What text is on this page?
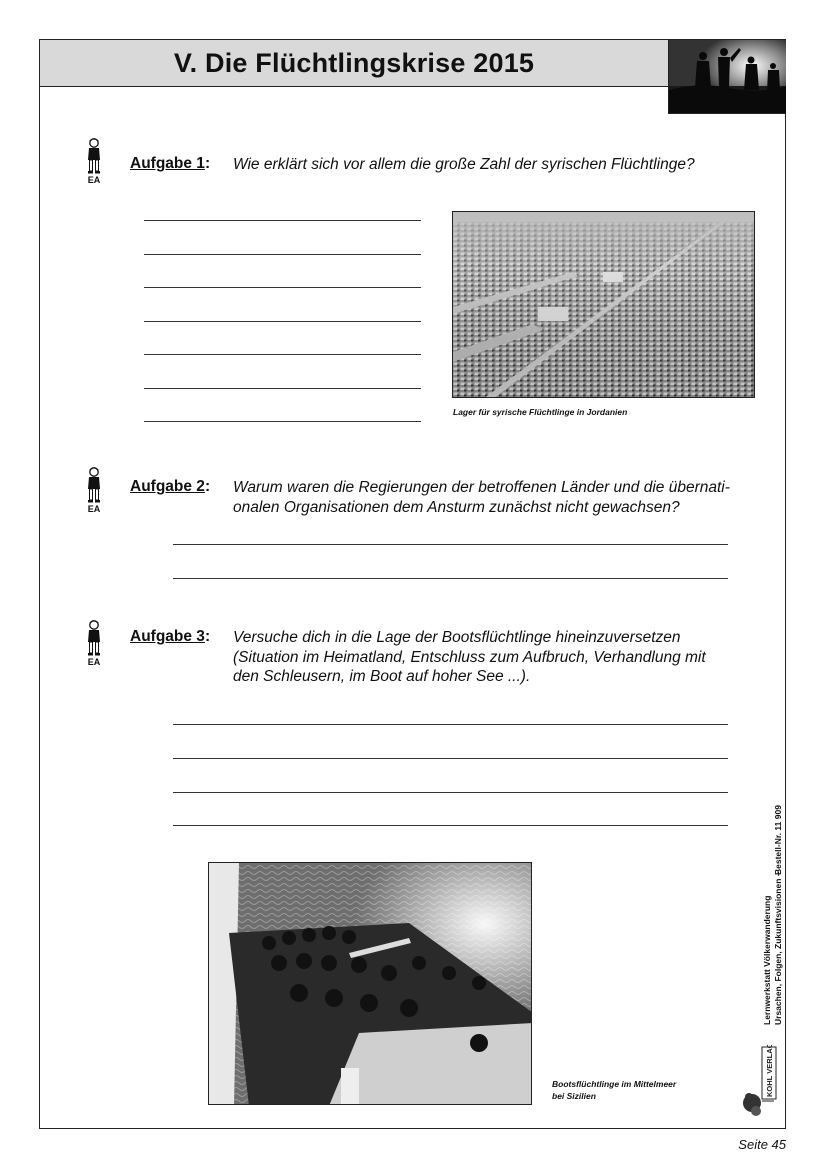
V. Die Flüchtlingskrise 2015
EA
Aufgabe 1: Wie erklärt sich vor allem die große Zahl der syrischen Flüchtlinge?
Lager für syrische Flüchtlinge in Jordanien
EA
Aufgabe 2: Warum waren die Regierungen der betroffenen Länder und die übernati-
onalen Organisationen dem Ansturm zunächst nicht gewachsen?
EA
Aufgabe 3: Versuche dich in die Lage der Bootsflüchtlinge hineinzuversetzen
(Situation im Heimatland, Entschluss zum Aufbruch, Verhandlung mit
den Schleusern, im Boot auf hoher See ...).
Bootsflüchtlinge im Mittelmeer
bei Sizilien
Lernwerkstatt Völkerwanderung Ursachen, Folgen, Zukunftsvisionen –
Bestell-Nr. 11 909
KOHL VERLAG
Seite 45
